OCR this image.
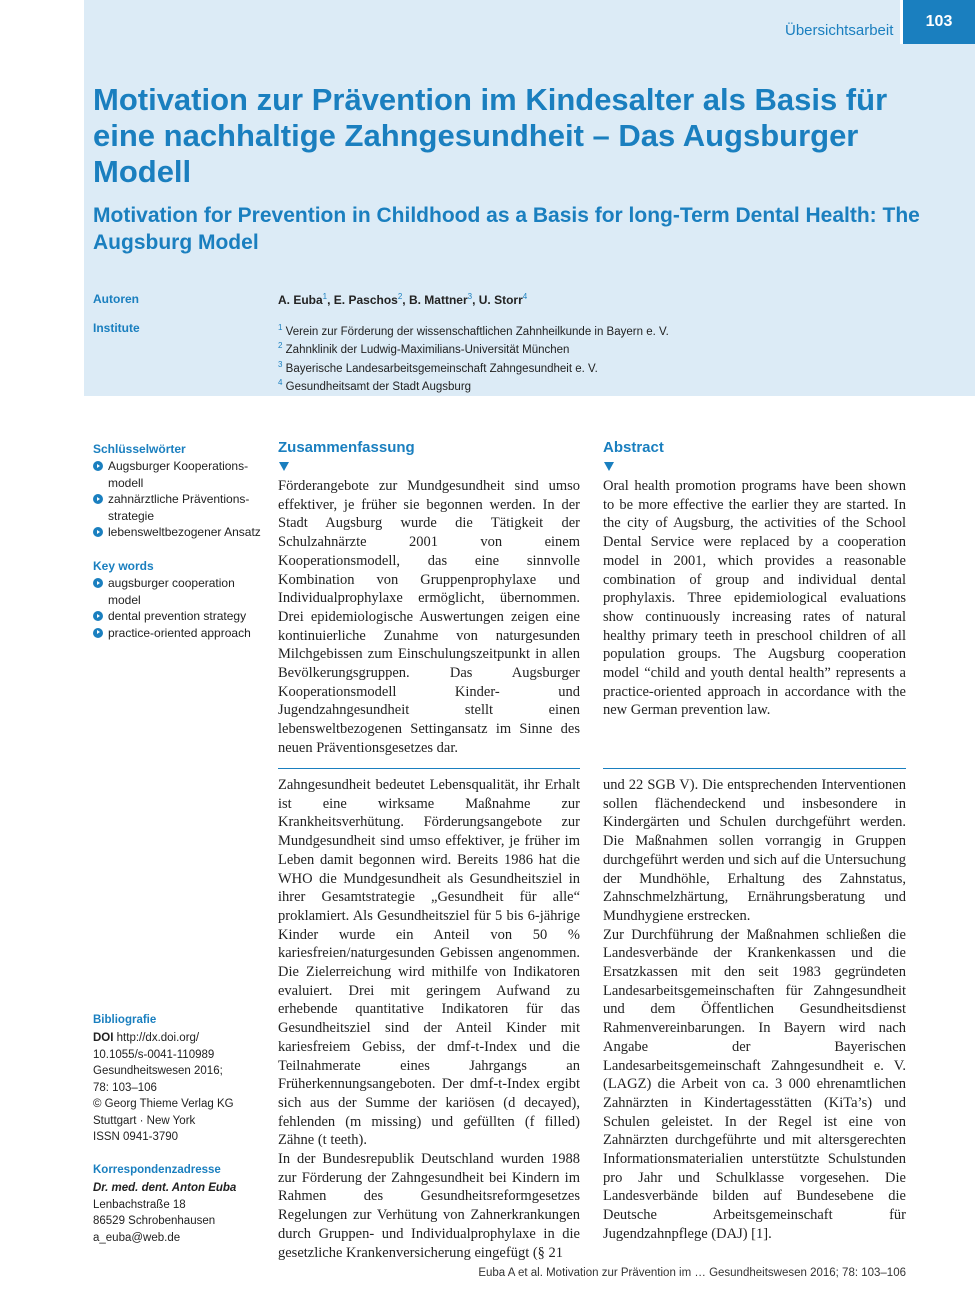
Übersichtsarbeit
103
Motivation zur Prävention im Kindesalter als Basis für eine nachhaltige Zahngesundheit – Das Augsburger Modell
Motivation for Prevention in Childhood as a Basis for long-Term Dental Health: The Augsburg Model
Autoren	A. Euba$^1$, E. Paschos$^2$, B. Mattner$^3$, U. Storr$^4$
Institute	$^1$ Verein zur Förderung der wissenschaftlichen Zahnheilkunde in Bayern e. V.
$^2$ Zahnklinik der Ludwig-Maximilians-Universität München
$^3$ Bayerische Landesarbeitsgemeinschaft Zahngesundheit e. V.
$^4$ Gesundheitsamt der Stadt Augsburg
Schlüsselwörter
Augsburger Kooperations-modell
zahnärztliche Präventions-strategie
lebensweltbezogener Ansatz
Key words
augsburger cooperation model
dental prevention strategy
practice-oriented approach
Zusammenfassung

Förderangebote zur Mundgesundheit sind umso effektiver, je früher sie begonnen werden. In der Stadt Augsburg wurde die Tätigkeit der Schulzahnärzte 2001 von einem Kooperationsmodell, das eine sinnvolle Kombination von Gruppenprophylaxe und Individualprophylaxe ermöglicht, übernommen. Drei epidemiologische Auswertungen zeigen eine kontinuierliche Zunahme von naturgesunden Milchgebissen zum Einschulungszeitpunkt in allen Bevölkerungsgruppen. Das Augsburger Kooperationsmodell Kinder- und Jugendzahngesundheit stellt einen lebensweltbezogenen Settingansatz im Sinne des neuen Präventionsgesetzes dar.

Abstract

Oral health promotion programs have been shown to be more effective the earlier they are started. In the city of Augsburg, the activities of the School Dental Service were replaced by a cooperation model in 2001, which provides a reasonable combination of group and individual dental prophylaxis. Three epidemiological evaluations show continuously increasing rates of natural healthy primary teeth in preschool children of all population groups. The Augsburg cooperation model “child and youth dental health” represents a practice-oriented approach in accordance with the new German prevention law.

Zahngesundheit bedeutet Lebensqualität, ihr Erhalt ist eine wirksame Maßnahme zur Krankheitsverhütung. Förderungsangebote zur Mundgesundheit sind umso effektiver, je früher im Leben damit begonnen wird. Bereits 1986 hat die WHO die Mundgesundheit als Gesundheitsziel in ihrer Gesamtstrategie „Gesundheit für alle“ proklamiert. Als Gesundheitsziel für 5 bis 6-jährige Kinder wurde ein Anteil von 50 % kariesfreien/naturgesunden Gebissen angenommen. Die Zielerreichung wird mithilfe von Indikatoren evaluiert. Drei mit geringem Aufwand zu erhebende quantitative Indikatoren für das Gesundheitsziel sind der Anteil Kinder mit kariesfreiem Gebiss, der dmf-t-Index und die Teilnahmerate eines Jahrgangs an Früherkennungsangeboten. Der dmf-t-Index ergibt sich aus der Summe der kariösen (d decayed), fehlenden (m missing) und gefüllten (f filled) Zähne (t teeth).

In der Bundesrepublik Deutschland wurden 1988 zur Förderung der Zahngesundheit bei Kindern im Rahmen des Gesundheitsreformgesetzes Regelungen zur Verhütung von Zahnerkrankungen durch Gruppen- und Individualprophylaxe in die gesetzliche Krankenversicherung eingefügt (§ 21

und 22 SGB V). Die entsprechenden Interventionen sollen flächendeckend und insbesondere in Kindergärten und Schulen durchgeführt werden. Die Maßnahmen sollen vorrangig in Gruppen durchgeführt werden und sich auf die Untersuchung der Mundhöhle, Erhaltung des Zahnstatus, Zahnschmelzhärtung, Ernährungsberatung und Mundhygiene erstrecken.

Zur Durchführung der Maßnahmen schließen die Landesverbände der Krankenkassen und die Ersatzkassen mit den seit 1983 gegründeten Landesarbeitsgemeinschaften für Zahngesundheit und dem Öffentlichen Gesundheitsdienst Rahmenvereinbarungen. In Bayern wird nach Angabe der Bayerischen Landesarbeitsgemeinschaft Zahngesundheit e. V. (LAGZ) die Arbeit von ca. 3 000 ehrenamtlichen Zahnärzten in Kindertagesstätten (KiTa’s) und Schulen geleistet. In der Regel ist eine von Zahnärzten durchgeführte und mit altersgerechten Informationsmaterialien unterstützte Schulstunden pro Jahr und Schulklasse vorgesehen. Die Landesverbände bilden auf Bundesebene die Deutsche Arbeitsgemeinschaft für Jugendzahnpflege (DAJ) [1].

Bibliografie
DOI http://dx.doi.org/
10.1055/s-0041-110989
Gesundheitswesen 2016;
78: 103–106
© Georg Thieme Verlag KG
Stuttgart · New York
ISSN 0941-3790
Korrespondenzadresse
Dr. med. dent. Anton Euba
Lenbachstraße 18
86529 Schrobenhausen
a_euba@web.de
Euba A et al. Motivation zur Prävention im … Gesundheitswesen 2016; 78: 103–106
